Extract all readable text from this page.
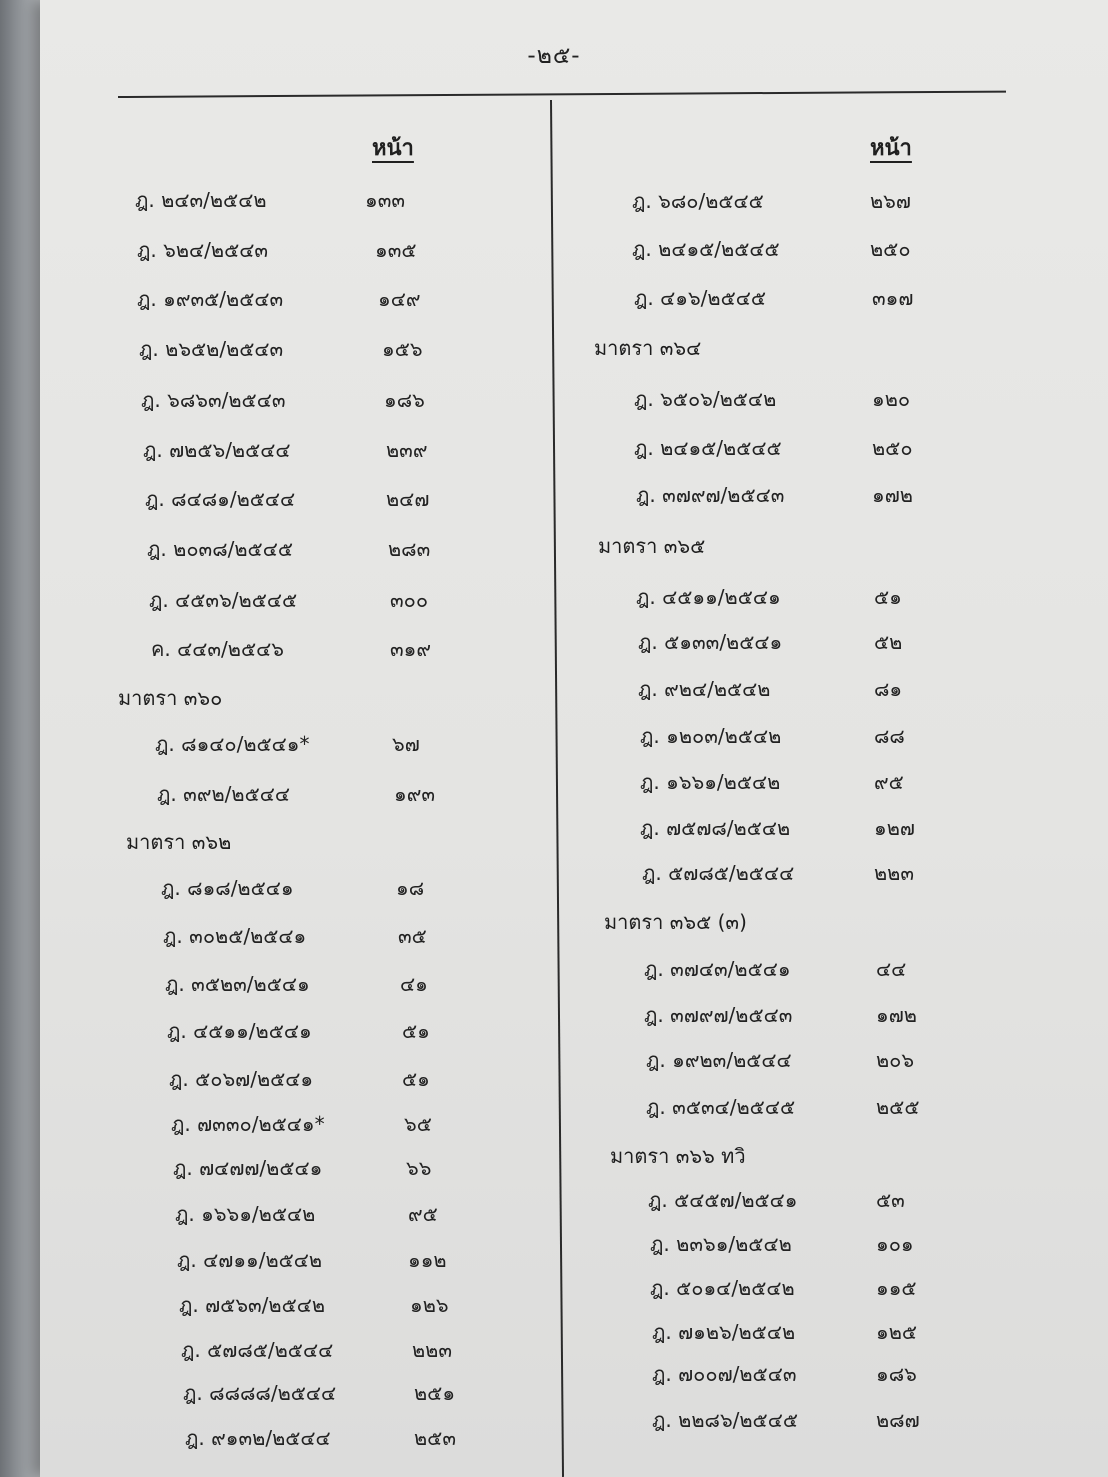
-๒๕-
หน้า
ฎ. ๒๔๓/๒๕๔๒	๑๓๓
ฎ. ๖๒๔/๒๕๔๓	๑๓๕
ฎ. ๑๙๓๕/๒๕๔๓	๑๔๙
ฎ. ๒๖๕๒/๒๕๔๓	๑๕๖
ฎ. ๖๘๖๓/๒๕๔๓	๑๘๖
ฎ. ๗๒๕๖/๒๕๔๔	๒๓๙
ฎ. ๘๔๘๑/๒๕๔๔	๒๔๗
ฎ. ๒๐๓๘/๒๕๔๕	๒๘๓
ฎ. ๔๕๓๖/๒๕๔๕	๓๐๐
ค. ๔๔๓/๒๕๔๖	๓๑๙
มาตรา ๓๖๐
ฎ. ๘๑๔๐/๒๕๔๑*	๖๗
ฎ. ๓๙๒/๒๕๔๔	๑๙๓
มาตรา ๓๖๒
ฎ. ๘๑๘/๒๕๔๑	๑๘
ฎ. ๓๐๒๕/๒๕๔๑	๓๕
ฎ. ๓๕๒๓/๒๕๔๑	๔๑
ฎ. ๔๕๑๑/๒๕๔๑	๕๑
ฎ. ๕๐๖๗/๒๕๔๑	๕๑
ฎ. ๗๓๓๐/๒๕๔๑*	๖๕
ฎ. ๗๔๗๗/๒๕๔๑	๖๖
ฎ. ๑๖๖๑/๒๕๔๒	๙๕
ฎ. ๔๗๑๑/๒๕๔๒	๑๑๒
ฎ. ๗๕๖๓/๒๕๔๒	๑๒๖
ฎ. ๕๗๘๕/๒๕๔๔	๒๒๓
ฎ. ๘๘๘๘/๒๕๔๔	๒๕๑
ฎ. ๙๑๓๒/๒๕๔๔	๒๕๓
หน้า
ฎ. ๖๘๐/๒๕๔๕	๒๖๗
ฎ. ๒๔๑๕/๒๕๔๕	๒๕๐
ฎ. ๔๑๖/๒๕๔๕	๓๑๗
มาตรา ๓๖๔
ฎ. ๖๕๐๖/๒๕๔๒	๑๒๐
ฎ. ๒๔๑๕/๒๕๔๕	๒๕๐
ฎ. ๓๗๙๗/๒๕๔๓	๑๗๒
มาตรา ๓๖๕
ฎ. ๔๕๑๑/๒๕๔๑	๕๑
ฎ. ๕๑๓๓/๒๕๔๑	๕๒
ฎ. ๙๒๔/๒๕๔๒	๘๑
ฎ. ๑๒๐๓/๒๕๔๒	๘๘
ฎ. ๑๖๖๑/๒๕๔๒	๙๕
ฎ. ๗๕๗๘/๒๕๔๒	๑๒๗
ฎ. ๕๗๘๕/๒๕๔๔	๒๒๓
มาตรา ๓๖๕ (๓)
ฎ. ๓๗๔๓/๒๕๔๑	๔๔
ฎ. ๓๗๙๗/๒๕๔๓	๑๗๒
ฎ. ๑๙๒๓/๒๕๔๔	๒๐๖
ฎ. ๓๕๓๔/๒๕๔๕	๒๕๕
มาตรา ๓๖๖ ทวิ
ฎ. ๕๔๕๗/๒๕๔๑	๕๓
ฎ. ๒๓๖๑/๒๕๔๒	๑๐๑
ฎ. ๕๐๑๔/๒๕๔๒	๑๑๕
ฎ. ๗๑๒๖/๒๕๔๒	๑๒๕
ฎ. ๗๐๐๗/๒๕๔๓	๑๘๖
ฎ. ๒๒๘๖/๒๕๔๕	๒๘๗
